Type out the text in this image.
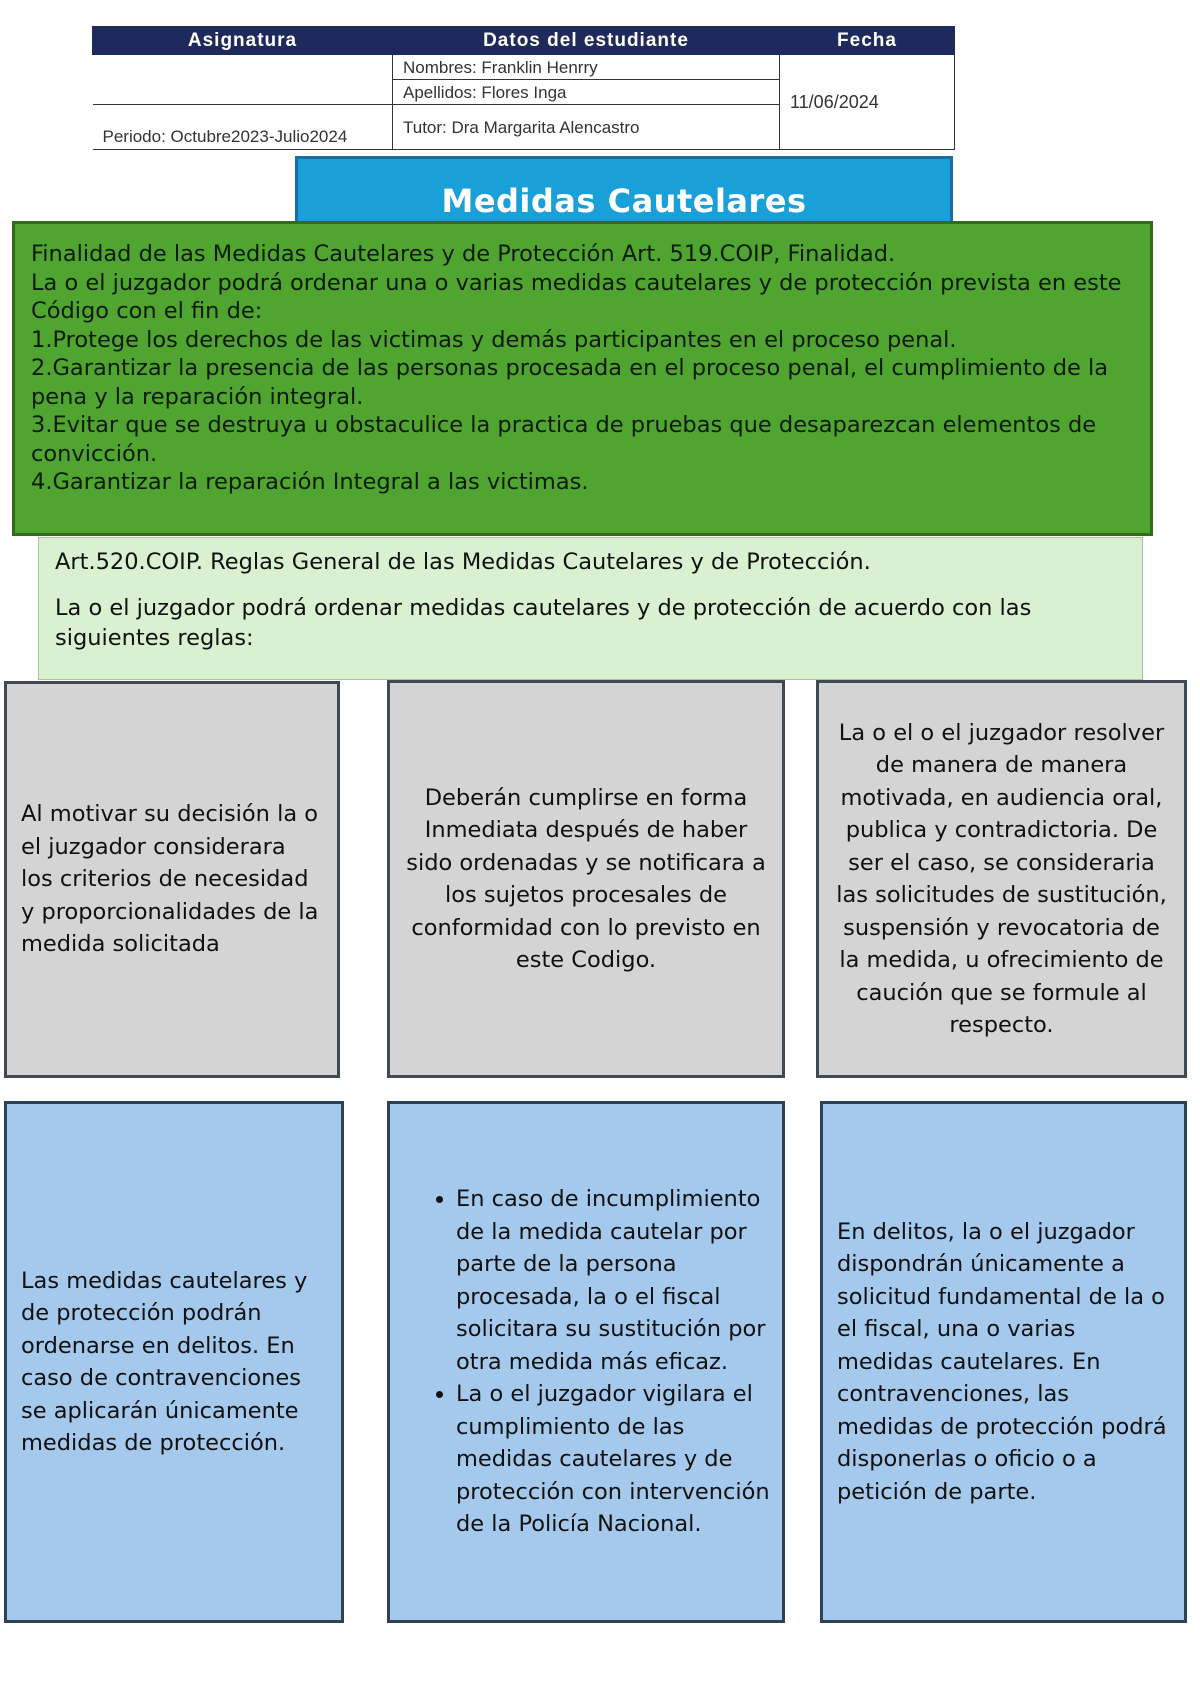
Asignatura	Datos del estudiante	Fecha
	Nombres: Franklin Henrry	11/06/2024
	Apellidos: Flores Inga	
Periodo: Octubre2023-Julio2024	Tutor: Dra Margarita Alencastro	
Medidas Cautelares

Finalidad de las Medidas Cautelares y de Protección Art. 519.COIP, Finalidad.

La o el juzgador podrá ordenar una o varias medidas cautelares y de protección prevista en este Código con el fin de:

1.Protege los derechos de las victimas y demás participantes en el proceso penal.

2.Garantizar la presencia de las personas procesada en el proceso penal, el cumplimiento de la pena y la reparación integral.

3.Evitar que se destruya u obstaculice la practica de pruebas que desaparezcan elementos de convicción.

4.Garantizar la reparación Integral a las victimas.

Art.520.COIP. Reglas General de las Medidas Cautelares y de Protección.

La o el juzgador podrá ordenar medidas cautelares y de protección de acuerdo con las siguientes reglas:

Al motivar su decisión la o el juzgador considerara los criterios de necesidad y proporcionalidades de la medida solicitada
Deberán cumplirse en forma Inmediata después de haber sido ordenadas y se notificara a los sujetos procesales de conformidad con lo previsto en este Codigo.
La o el o el juzgador resolver de manera de manera motivada, en audiencia oral, publica y contradictoria. De ser el caso, se consideraria las solicitudes de sustitución, suspensión y revocatoria de la medida, u ofrecimiento de caución que se formule al respecto.
Las medidas cautelares y de protección podrán ordenarse en delitos. En caso de contravenciones se aplicarán únicamente medidas de protección.
• En caso de incumplimiento de la medida cautelar por parte de la persona procesada, la o el fiscal solicitara su sustitución por otra medida más eficaz.
• La o el juzgador vigilara el cumplimiento de las medidas cautelares y de protección con intervención de la Policía Nacional.
En delitos, la o el juzgador dispondrán únicamente a solicitud fundamental de la o el fiscal, una o varias medidas cautelares. En contravenciones, las medidas de protección podrá disponerlas o oficio o a petición de parte.
